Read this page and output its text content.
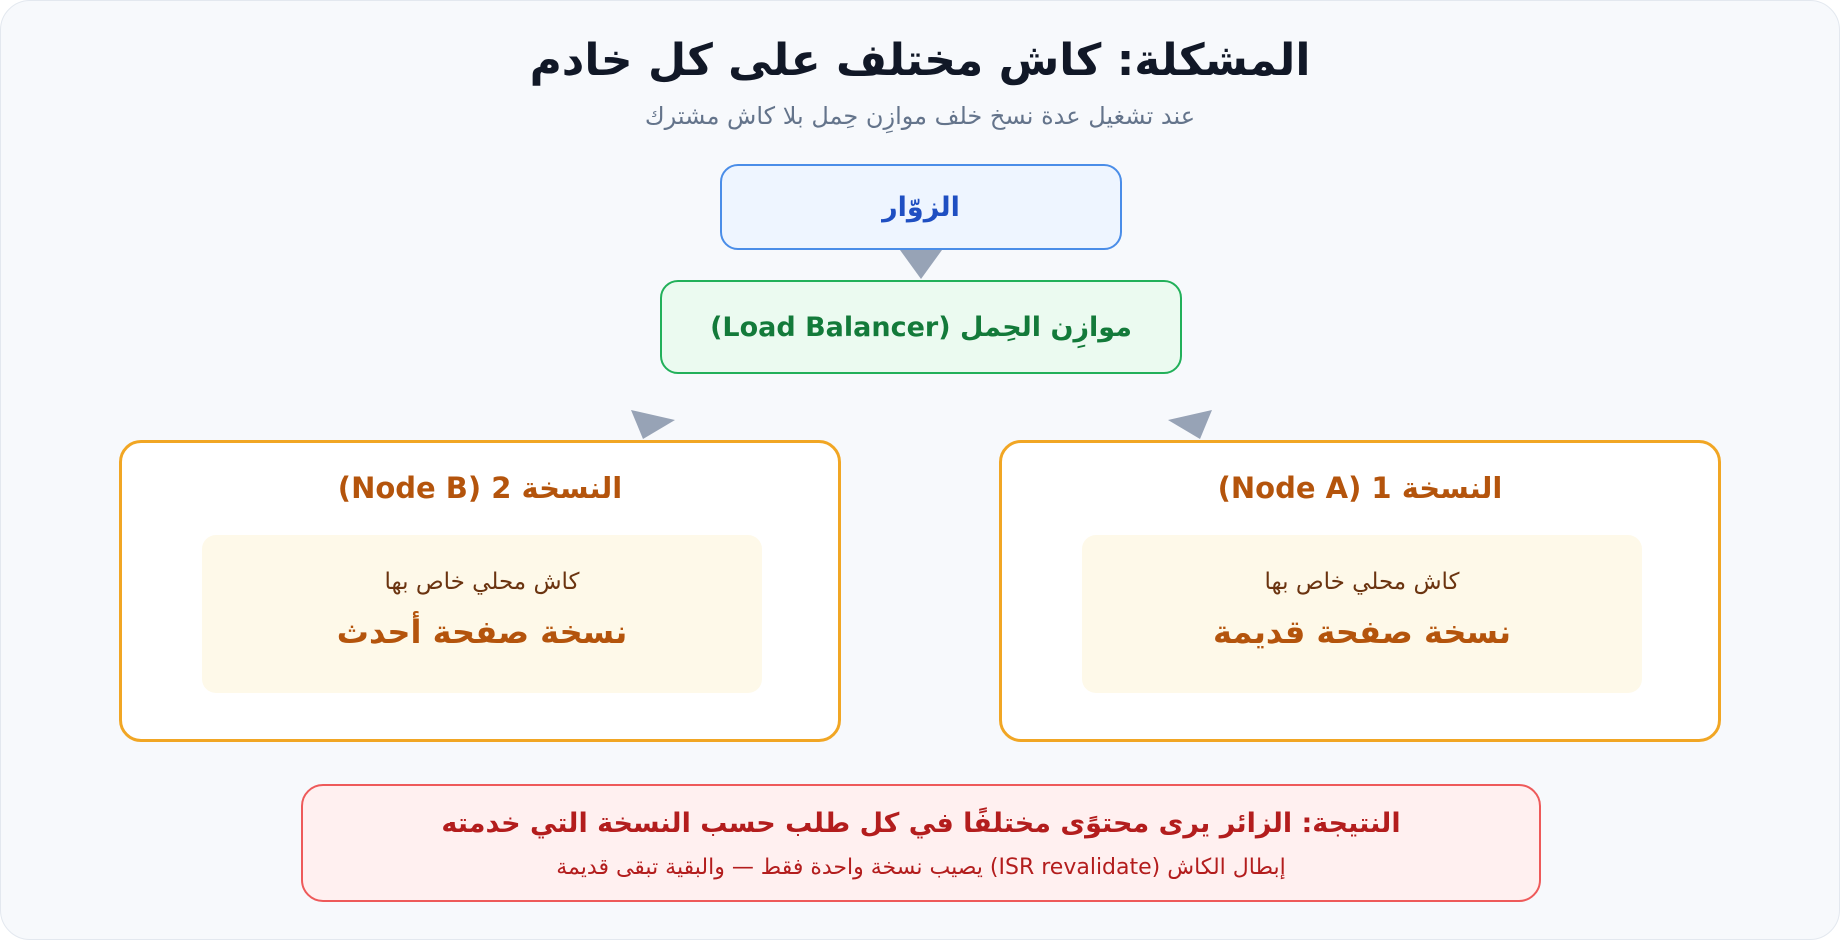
المشكلة: كاش مختلف على كل خادم
عند تشغيل عدة نسخ خلف موازِن حِمل بلا كاش مشترك
الزوّار
موازِن الحِمل (Load Balancer)
النسخة 1 (Node A)
كاش محلي خاص بها
نسخة صفحة قديمة
النسخة 2 (Node B)
كاش محلي خاص بها
نسخة صفحة أحدث
النتيجة: الزائر يرى محتوًى مختلفًا في كل طلب حسب النسخة التي خدمته
إبطال الكاش (ISR revalidate) يصيب نسخة واحدة فقط — والبقية تبقى قديمة
